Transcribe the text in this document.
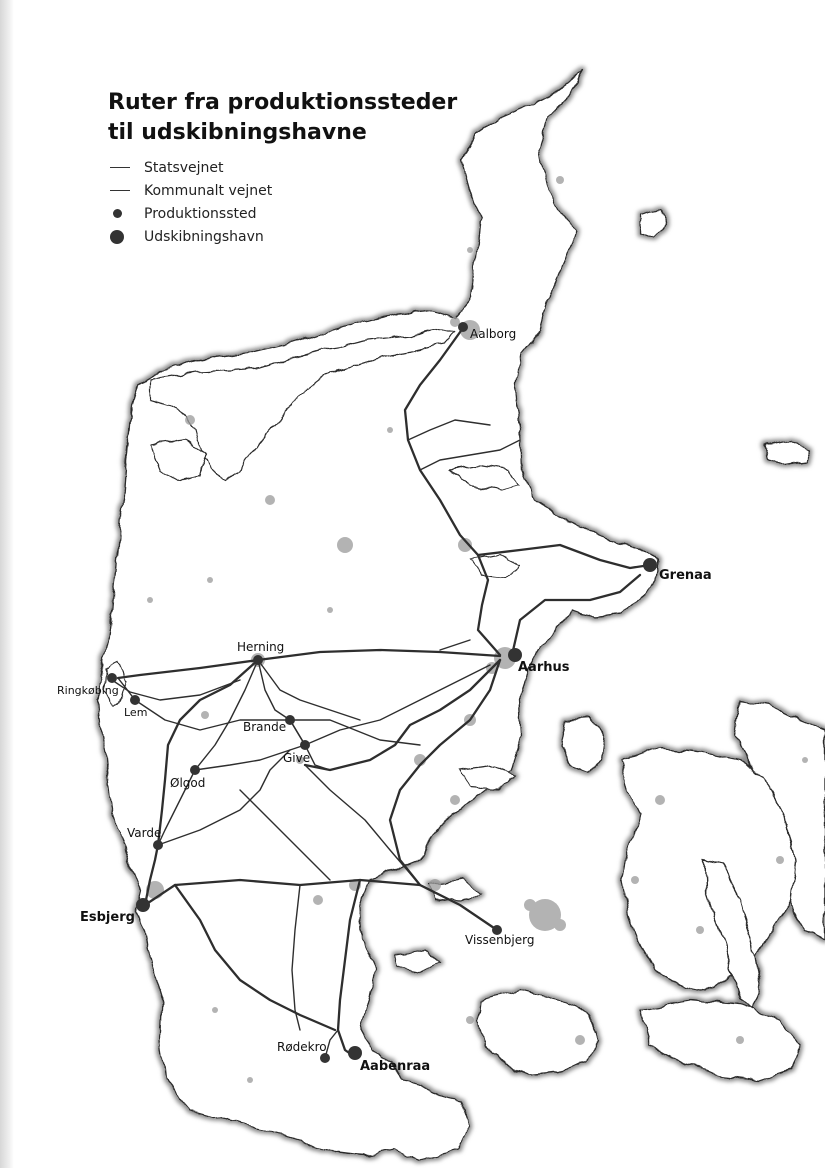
Aalborg
Grenaa
Aarhus
Herning
Ringkøbing
Lem
Brande
Give
Ølgod
Varde
Esbjerg
Vissenbjerg
Rødekro
Aabenraa
Ruter fra produktionssteder
til udskibningshavne
Statsvejnet
Kommunalt vejnet
Produktionssted
Udskibningshavn
